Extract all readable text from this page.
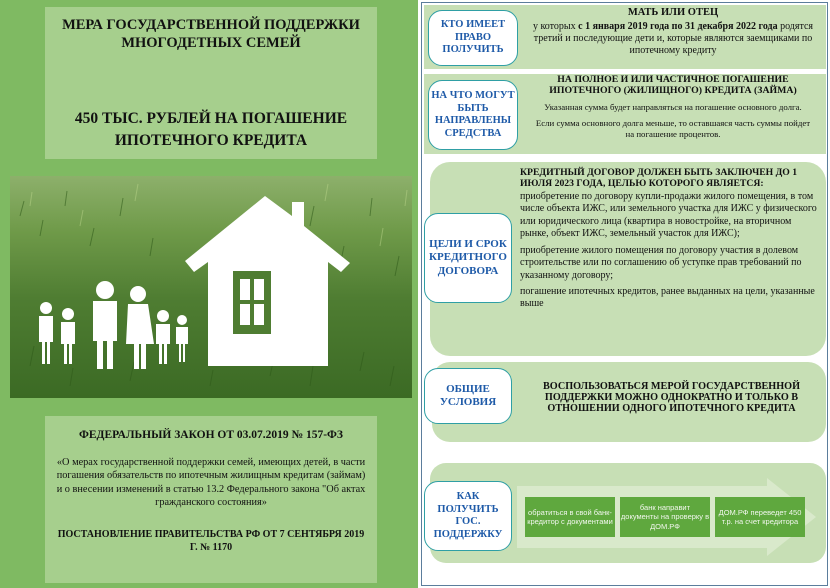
МЕРА ГОСУДАРСТВЕННОЙ ПОДДЕРЖКИ МНОГОДЕТНЫХ СЕМЕЙ
450 ТЫС. РУБЛЕЙ НА ПОГАШЕНИЕ ИПОТЕЧНОГО КРЕДИТА
ФЕДЕРАЛЬНЫЙ ЗАКОН ОТ 03.07.2019 № 157-ФЗ
«О мерах государственной поддержки семей, имеющих детей, в части погашения обязательств по ипотечным жилищным кредитам (займам) и о внесении изменений в статью 13.2 Федерального закона "Об актах гражданского состояния»
ПОСТАНОВЛЕНИЕ ПРАВИТЕЛЬСТВА РФ ОТ 7 СЕНТЯБРЯ 2019 Г. № 1170
КТО ИМЕЕТ ПРАВО ПОЛУЧИТЬ
МАТЬ ИЛИ ОТЕЦ
у которых с 1 января 2019 года по 31 декабря 2022 года родятся третий и последующие дети и, которые являются заемщиками по ипотечному кредиту
НА ЧТО МОГУТ БЫТЬ НАПРАВЛЕНЫ СРЕДСТВА
НА ПОЛНОЕ И ИЛИ ЧАСТИЧНОЕ ПОГАШЕНИЕ ИПОТЕЧНОГО (ЖИЛИЩНОГО) КРЕДИТА (ЗАЙМА)
Указанная сумма будет направляться на погашение основного долга.
Если сумма основного долга меньше, то оставшаяся часть суммы пойдет на погашение процентов.
ЦЕЛИ И СРОК КРЕДИТНОГО ДОГОВОРА
КРЕДИТНЫЙ ДОГОВОР ДОЛЖЕН БЫТЬ ЗАКЛЮЧЕН ДО 1 ИЮЛЯ 2023 ГОДА, ЦЕЛЬЮ КОТОРОГО ЯВЛЯЕТСЯ:
приобретение по договору купли-продажи жилого помещения, в том числе объекта ИЖС, или земельного участка для ИЖС у физического или юридического лица (квартира в новостройке, на вторичном рынке, объект ИЖС, земельный участок для ИЖС);
приобретение жилого помещения по договору участия в долевом строительстве или по соглашению об уступке прав требований по указанному договору;
погашение ипотечных кредитов, ранее выданных на цели, указанные выше
ОБЩИЕ УСЛОВИЯ
ВОСПОЛЬЗОВАТЬСЯ МЕРОЙ ГОСУДАРСТВЕННОЙ ПОДДЕРЖКИ МОЖНО ОДНОКРАТНО И ТОЛЬКО В ОТНОШЕНИИ ОДНОГО ИПОТЕЧНОГО КРЕДИТА
КАК ПОЛУЧИТЬ ГОС. ПОДДЕРЖКУ
обратиться в свой банк-кредитор с документами
банк направит документы на проверку в ДОМ.РФ
ДОМ.РФ переведет 450 т.р. на счет кредитора
